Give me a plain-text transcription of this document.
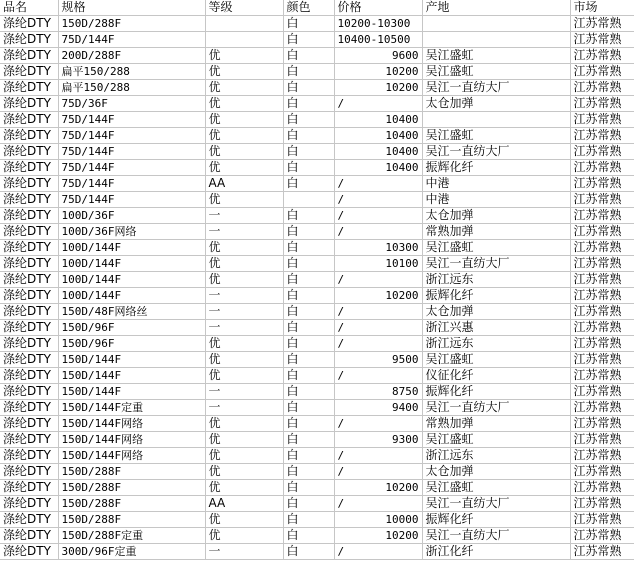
品名	规格	等级	颜色	价格	产地	市场
涤纶DTY	150D/288F		白	10200-10300		江苏常熟
涤纶DTY	75D/144F		白	10400-10500		江苏常熟
涤纶DTY	200D/288F	优	白	9600	吴江盛虹	江苏常熟
涤纶DTY	扁平150/288	优	白	10200	吴江盛虹	江苏常熟
涤纶DTY	扁平150/288	优	白	10200	吴江一直纺大厂	江苏常熟
涤纶DTY	75D/36F	优	白	/	太仓加弹	江苏常熟
涤纶DTY	75D/144F	优	白	10400		江苏常熟
涤纶DTY	75D/144F	优	白	10400	吴江盛虹	江苏常熟
涤纶DTY	75D/144F	优	白	10400	吴江一直纺大厂	江苏常熟
涤纶DTY	75D/144F	优	白	10400	振辉化纤	江苏常熟
涤纶DTY	75D/144F	AA	白	/	中港	江苏常熟
涤纶DTY	75D/144F	优		/	中港	江苏常熟
涤纶DTY	100D/36F	一	白	/	太仓加弹	江苏常熟
涤纶DTY	100D/36F网络	一	白	/	常熟加弹	江苏常熟
涤纶DTY	100D/144F	优	白	10300	吴江盛虹	江苏常熟
涤纶DTY	100D/144F	优	白	10100	吴江一直纺大厂	江苏常熟
涤纶DTY	100D/144F	优	白	/	浙江远东	江苏常熟
涤纶DTY	100D/144F	一	白	10200	振辉化纤	江苏常熟
涤纶DTY	150D/48F网络丝	一	白	/	太仓加弹	江苏常熟
涤纶DTY	150D/96F	一	白	/	浙江兴惠	江苏常熟
涤纶DTY	150D/96F	优	白	/	浙江远东	江苏常熟
涤纶DTY	150D/144F	优	白	9500	吴江盛虹	江苏常熟
涤纶DTY	150D/144F	优	白	/	仪征化纤	江苏常熟
涤纶DTY	150D/144F	一	白	8750	振辉化纤	江苏常熟
涤纶DTY	150D/144F定重	一	白	9400	吴江一直纺大厂	江苏常熟
涤纶DTY	150D/144F网络	优	白	/	常熟加弹	江苏常熟
涤纶DTY	150D/144F网络	优	白	9300	吴江盛虹	江苏常熟
涤纶DTY	150D/144F网络	优	白	/	浙江远东	江苏常熟
涤纶DTY	150D/288F	优	白	/	太仓加弹	江苏常熟
涤纶DTY	150D/288F	优	白	10200	吴江盛虹	江苏常熟
涤纶DTY	150D/288F	AA	白	/	吴江一直纺大厂	江苏常熟
涤纶DTY	150D/288F	优	白	10000	振辉化纤	江苏常熟
涤纶DTY	150D/288F定重	优	白	10200	吴江一直纺大厂	江苏常熟
涤纶DTY	300D/96F定重	一	白	/	浙江化纤	江苏常熟
